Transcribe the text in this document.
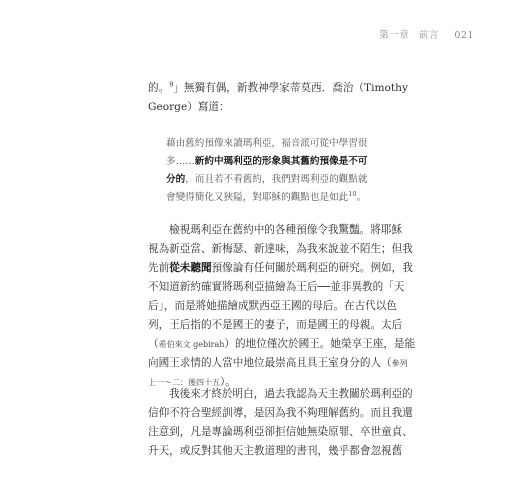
第一章 前言 021
的。$^9$」無獨有偶，新教神學家蒂莫西．喬治（Timothy
George）寫道：
藉由舊約預像來讀瑪利亞，福音派可從中學習很
多……新約中瑪利亞的形象與其舊約預像是不可
分的，而且若不看舊約，我們對瑪利亞的觀點就
會變得簡化又狹隘，對耶穌的觀點也是如此$^{10}$。
檢視瑪利亞在舊約中的各種預像令我驚豔。將耶穌
視為新亞當、新梅瑟、新達味，為我來說並不陌生；但我
先前從未聽聞預像論有任何關於瑪利亞的研究。例如，我
不知道新約確實將瑪利亞描繪為王后──並非異教的「天
后」，而是將她描繪成默西亞王國的母后。在古代以色
列，王后指的不是國王的妻子，而是國王的母親。太后
（希伯來文 gebirah）的地位僅次於國王。她榮享王座，是能
向國王求情的人當中地位最崇高且具王室身分的人（參列
上一～二：後四十五）。
我後來才終於明白，過去我認為天主教關於瑪利亞的
信仰不符合聖經訓導，是因為我不夠理解舊約。而且我還
注意到，凡是專論瑪利亞卻拒信她無染原罪、卒世童貞、
升天，或反對其他天主教道理的書刊，幾乎都會忽視舊
